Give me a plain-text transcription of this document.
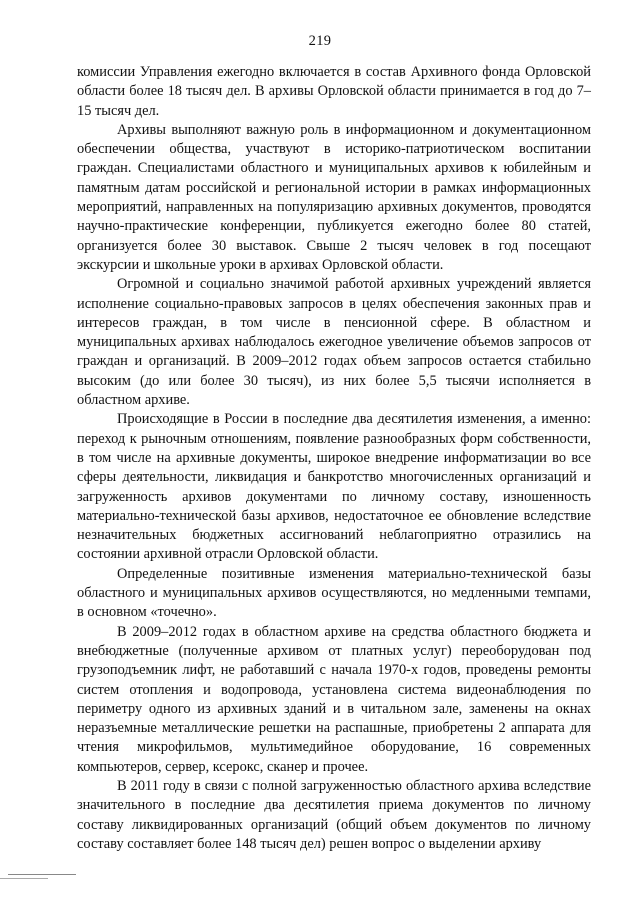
219

комиссии Управления ежегодно включается в состав Архивного фонда Орловской области более 18 тысяч дел. В архивы Орловской области принимается в год до 7–15 тысяч дел.

Архивы выполняют важную роль в информационном и документационном обеспечении общества, участвуют в историко-патриотическом воспитании граждан. Специалистами областного и муниципальных архивов к юбилейным и памятным датам российской и региональной истории в рамках информационных мероприятий, направленных на популяризацию архивных документов, проводятся научно-практические конференции, публикуется ежегодно более 80 статей, организуется более 30 выставок. Свыше 2 тысяч человек в год посещают экскурсии и школьные уроки в архивах Орловской области.

Огромной и социально значимой работой архивных учреждений является исполнение социально-правовых запросов в целях обеспечения законных прав и интересов граждан, в том числе в пенсионной сфере. В областном и муниципальных архивах наблюдалось ежегодное увеличение объемов запросов от граждан и организаций. В 2009–2012 годах объем запросов остается стабильно высоким (до или более 30 тысяч), из них более 5,5 тысячи исполняется в областном архиве.

Происходящие в России в последние два десятилетия изменения, а именно: переход к рыночным отношениям, появление разнообразных форм собственности, в том числе на архивные документы, широкое внедрение информатизации во все сферы деятельности, ликвидация и банкротство многочисленных организаций и загруженность архивов документами по личному составу, изношенность материально-технической базы архивов, недостаточное ее обновление вследствие незначительных бюджетных ассигнований неблагоприятно отразились на состоянии архивной отрасли Орловской области.

Определенные позитивные изменения материально-технической базы областного и муниципальных архивов осуществляются, но медленными темпами, в основном «точечно».

В 2009–2012 годах в областном архиве на средства областного бюджета и внебюджетные (полученные архивом от платных услуг) переоборудован под грузоподъемник лифт, не работавший с начала 1970-х годов, проведены ремонты систем отопления и водопровода, установлена система видеонаблюдения по периметру одного из архивных зданий и в читальном зале, заменены на окнах неразъемные металлические решетки на распашные, приобретены 2 аппарата для чтения микрофильмов, мультимедийное оборудование, 16 современных компьютеров, сервер, ксерокс, сканер и прочее.

В 2011 году в связи с полной загруженностью областного архива вследствие значительного в последние два десятилетия приема документов по личному составу ликвидированных организаций (общий объем документов по личному составу составляет более 148 тысяч дел) решен вопрос о выделении архиву
